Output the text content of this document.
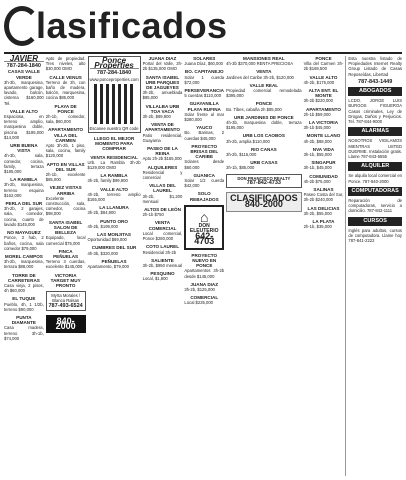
lasificados
JAVIER
787-284-1840
CASAS VALLE VERDE
3h-3b, marquesina, apartamento garage, lavado, balcón, cisterna $160,000 Tel.
VALLE ALTO
Espaciosa, en terreno amplio, marquesina doble, piscina $195,000 $14,000
URB BUENA VISTA
4h-3b, sala, comedor, cocina, family, terraza $185,000
LA RAMBLA
3h-2b, marquesina, terreno esquina $162,000
PERLA DEL SUR
3h-2b, 2 garajes, sala, comedor, cocina, cuarto de lavado $145,000
NO MAYAGUEZ
Ponce, 3 hab, 2 baños, cocina, sala comedor $79,000
MOREL CAMPOS
3h-2b, marquesina, terraza $88,000
TORRE DE CARRETERAS
Casa vieja, 2 pisos, 4h $60,000
EL TUQUE
Pueblo, 4h, 1 1/2b, terreno $90,000
PUNTA DIAMANTE
Casa madera, terreno 3h-1b, $74,000
Apto de propiedad. Tres niveles, alto $30,000 OMO
CALLE VENUS
Terreno de 3h, con baño de madera, balcón, marquesina, cocina $85,000
PLAYA DE PONCE
2h-1b, comedor, sala, $60,000
APARTAMENTO VILLA DEL CARMEN
Apto 3h-2b, 1 piso, sala, cocina, family $120,000
APTO EN VILLAS DEL SUR
2h-1b, excelente $85,000
VEJEZ VISTAS ARRIBA
Excelente construcción, sala, comedor, cocina $98,000
SANTA ISABEL SALON DE BELLEZA
Equipado, local comercial $75,000
FINCA PEÑUELAS
Terreno 3 cuerdas, excelente $145,000
VICTORIA TARGET MUY PRONTO
Myrta Morales / Blanca Ralsas
787-493-6524
840-2000
Ponce Properties
787-284-1840
www.ponceproperties.com
Escanee nuestro QR code
LLEGO EL MEJOR MOMENTO PARA COMPRAR
VENTA RESIDENCIAL
Urb. La Rambla 3h-2b $129,000 OMO
LA RAMBLA
3h-2b, family $99,900
VALLE ALTO
4h-2b, terreno amplio $165,000
LA LLANURA
3h-2b, $84,900
PUNTO ORO
4h-2b, $199,000
LAS MONJITAS
Oportunidad $69,000
CUMBRES DEL SUR
4h-3b, $320,000
PEÑUELAS
Apartamento, $79,000
JUANA DIAZ
Portal del Valle, 3h-2b $135,000 OMO
SANTA ISABEL URB PARQUES DE JAGUEYES
3h-2b, amueblada $85,000
VILLALBA URB TOA VACA
3h-2b, $89,900
VENTA DE APARTAMENTO
Patio residencial, Guayama
PASEO DE LA REINA
Apto 2h-2b $165,000
ALQUILERES
Residencial y comercial
VILLAS DEL LAUREL
3h-2b, $1,200 mensual
ALTOS DE LEÓN
2h-1b $750
VENTA COMERCIAL
Local comercial, Ponce $280,000
COTO LAUREL
Residencial 3h-2b
SALIENTE
3h-2b, $950 mensual
PESQUINO
Local, $1,800
SOLARES
Juana Díaz, $60,000
BO. CAPITANEJO
Solar 1 cuerda $72,000
PERSEVERANCIA
5 cuerdas $110,000
GUAYANILLA PLAYA RUFINA
Solar frente al mar $280,000
YAUCO
Bo. Barinas, 2 cuerdas $45,000
PROYECTO BRISAS DEL CARIBE
Solares desde $60,000
GUANICA
Solar 1/2 cuerda $42,000
SOLO REBAJADOS
⌂
DON ELEUTERIO
642-4703
PROYECTO NUEVO EN PONCE
Apartamentos 3h-2b desde $145,000
JUANA DIAZ
3h-2b, $125,000
COMERCIAL
Local $225,000
MANSIONES REAL
4h-3b $370,000 RENTA PRECIOSA
VENTA
Jardines del Caribe 3h-2b, $120,000
VALLE REAL
Propiedad comercial remodelada $395,000
PONCE
Bo. Tibes, cabaña 2h $85,000
URB JARDINES DE PONCE
4h-3b, marquesina doble, terraza $195,000
URB LOS CAOBOS
3h-2b, amplia $110,000
RIO CANAS
3h-2b, $115,000
URB CASAS
3h-1b, $85,000
DON FRANCISCO REALTY
787-842-4733
CLASIFICADOS 840-2000
PONCE
Villa del Carmen 3h-2b $169,500
VALLE ALTO
4h-2b, $175,000
ALTA ENT. EL MONTE
3h-2b $220,000
APARTAMENTO
2h-1b $59,000
LA VICTORIA
3h-1b $45,000
MONTE LLANO
4h-2b, $88,000
NVA VIDA
3h-1b, $55,000
SINGAPUR
3h-1b, $45,000
COMUNIDAD
4h-2b $75,000
SALINAS
Paseo Costa del Sur, 3h-2b $240,000
LAS DELICIAS
3h-2b, $55,000
LA PLATA
2h-1b, $35,000
Esta nuestra listado de Propiedades Internet Realty Group Listado de Casas Reposeídas, Libertad
787-843-1449
ABOGADOS
LCDO. JORGE LUIS BURGOS FIGUEROA Casos criminales, Ley de Drogas, Daños y Perjuicios. Tel. 787-844-9000
ALARMAS
NOSOTROS VIGILAMOS MIENTRAS USTED DUERME. Instalación gratis. Llame 787-843-5555
ALQUILER
Se alquila local comercial en Ponce. 787-840-2000
COMPUTADORAS
Reparación de computadoras, servicio a domicilio. 787-842-1111
CURSOS
Inglés para adultos, cursos de computadora. Llame hoy 787-841-2222
